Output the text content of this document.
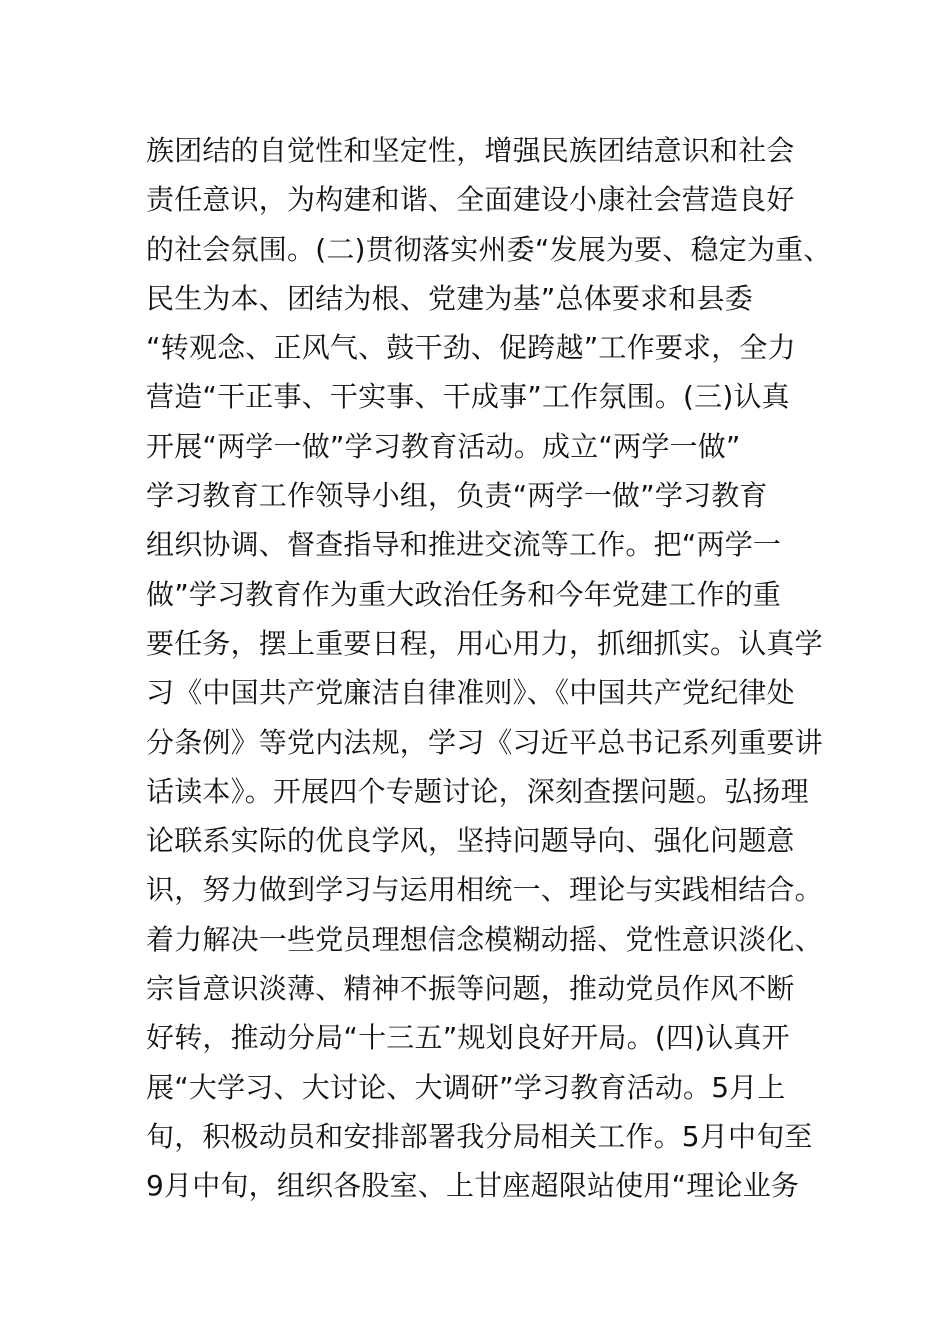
族团结的自觉性和坚定性，增强民族团结意识和社会
责任意识，为构建和谐、全面建设小康社会营造良好
的社会氛围。(二)贯彻落实州委“发展为要、稳定为重、
民生为本、团结为根、党建为基”总体要求和县委
“转观念、正风气、鼓干劲、促跨越”工作要求，全力
营造“干正事、干实事、干成事”工作氛围。(三)认真
开展“两学一做”学习教育活动。成立“两学一做”
学习教育工作领导小组，负责“两学一做”学习教育
组织协调、督查指导和推进交流等工作。把“两学一
做”学习教育作为重大政治任务和今年党建工作的重
要任务，摆上重要日程，用心用力，抓细抓实。认真学
习《中国共产党廉洁自律准则》、《中国共产党纪律处
分条例》等党内法规，学习《习近平总书记系列重要讲
话读本》。开展四个专题讨论，深刻查摆问题。弘扬理
论联系实际的优良学风，坚持问题导向、强化问题意
识，努力做到学习与运用相统一、理论与实践相结合。
着力解决一些党员理想信念模糊动摇、党性意识淡化、
宗旨意识淡薄、精神不振等问题，推动党员作风不断
好转，推动分局“十三五”规划良好开局。(四)认真开
展“大学习、大讨论、大调研”学习教育活动。5月上
旬，积极动员和安排部署我分局相关工作。5月中旬至
9月中旬，组织各股室、上甘座超限站使用“理论业务
